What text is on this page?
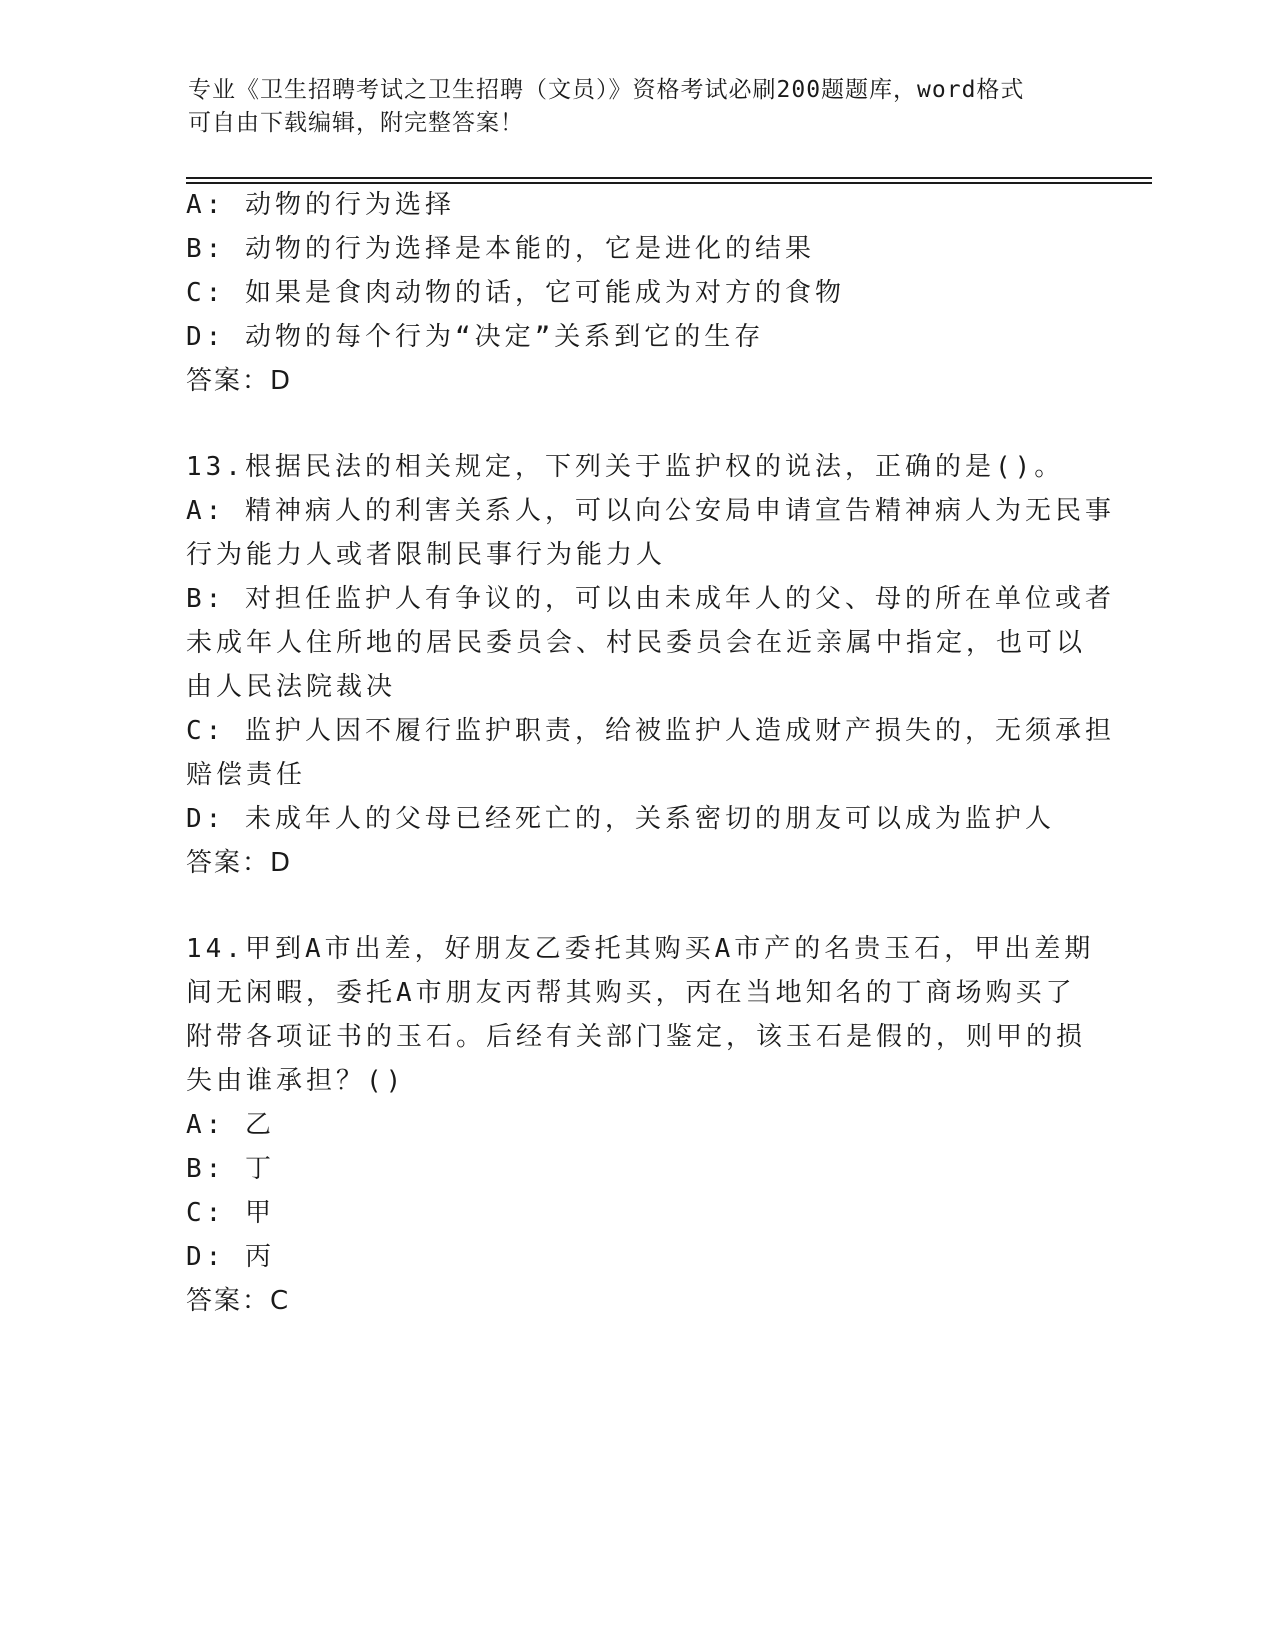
专业《卫生招聘考试之卫生招聘（文员）》资格考试必刷200题题库，word格式
可自由下载编辑，附完整答案！
A: 动物的行为选择
B: 动物的行为选择是本能的，它是进化的结果
C: 如果是食肉动物的话，它可能成为对方的食物
D: 动物的每个行为“决定”关系到它的生存
答案：D
13.根据民法的相关规定，下列关于监护权的说法，正确的是()。
A: 精神病人的利害关系人，可以向公安局申请宣告精神病人为无民事
行为能力人或者限制民事行为能力人
B: 对担任监护人有争议的，可以由未成年人的父、母的所在单位或者
未成年人住所地的居民委员会、村民委员会在近亲属中指定，也可以
由人民法院裁决
C: 监护人因不履行监护职责，给被监护人造成财产损失的，无须承担
赔偿责任
D: 未成年人的父母已经死亡的，关系密切的朋友可以成为监护人
答案：D
14.甲到A市出差，好朋友乙委托其购买A市产的名贵玉石，甲出差期
间无闲暇，委托A市朋友丙帮其购买，丙在当地知名的丁商场购买了
附带各项证书的玉石。后经有关部门鉴定，该玉石是假的，则甲的损
失由谁承担？()
A: 乙
B: 丁
C: 甲
D: 丙
答案：C
